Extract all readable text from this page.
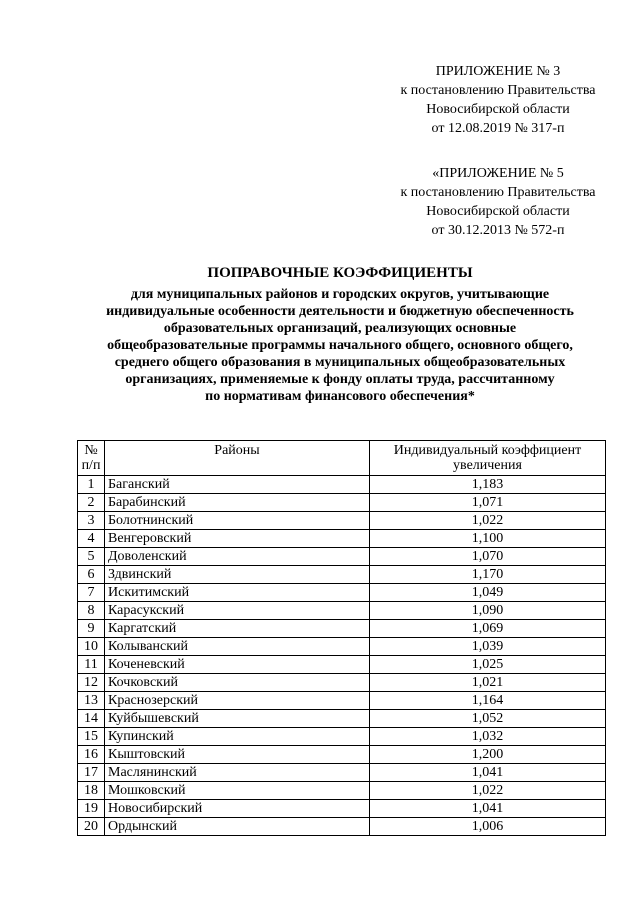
ПРИЛОЖЕНИЕ № 3
к постановлению Правительства
Новосибирской области
от 12.08.2019 № 317-п
«ПРИЛОЖЕНИЕ № 5
к постановлению Правительства
Новосибирской области
от 30.12.2013 № 572-п
ПОПРАВОЧНЫЕ КОЭФФИЦИЕНТЫ
для муниципальных районов и городских округов, учитывающие
индивидуальные особенности деятельности и бюджетную обеспеченность
образовательных организаций, реализующих основные
общеобразовательные программы начального общего, основного общего,
среднего общего образования в муниципальных общеобразовательных
организациях, применяемые к фонду оплаты труда, рассчитанному
по нормативам финансового обеспечения*
№ п/п	Районы	Индивидуальный коэффициент увеличения
1	Баганский	1,183
2	Барабинский	1,071
3	Болотнинский	1,022
4	Венгеровский	1,100
5	Доволенский	1,070
6	Здвинский	1,170
7	Искитимский	1,049
8	Карасукский	1,090
9	Каргатский	1,069
10	Колыванский	1,039
11	Коченевский	1,025
12	Кочковский	1,021
13	Краснозерский	1,164
14	Куйбышевский	1,052
15	Купинский	1,032
16	Кыштовский	1,200
17	Маслянинский	1,041
18	Мошковский	1,022
19	Новосибирский	1,041
20	Ордынский	1,006
